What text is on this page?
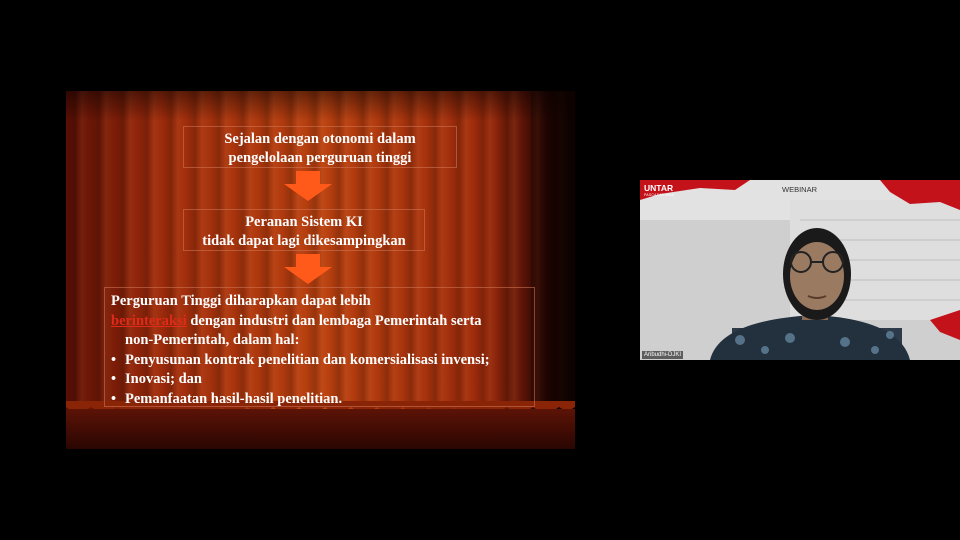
Sejalan dengan otonomi dalam
pengelolaan perguruan tinggi
Peranan Sistem KI
tidak dapat lagi dikesampingkan
Perguruan Tinggi diharapkan dapat lebih
berinteraksi dengan industri dan lembaga Pemerintah serta
non-Pemerintah, dalam hal:
• Penyusunan kontrak penelitian dan komersialisasi invensi;
• Inovasi; dan
• Pemanfaatan hasil-hasil penelitian.
UNTAR
PASCASARJANA
WEBINAR	Kekayaan Intelektual
di Era Digital
Aribudhi-DJKI
